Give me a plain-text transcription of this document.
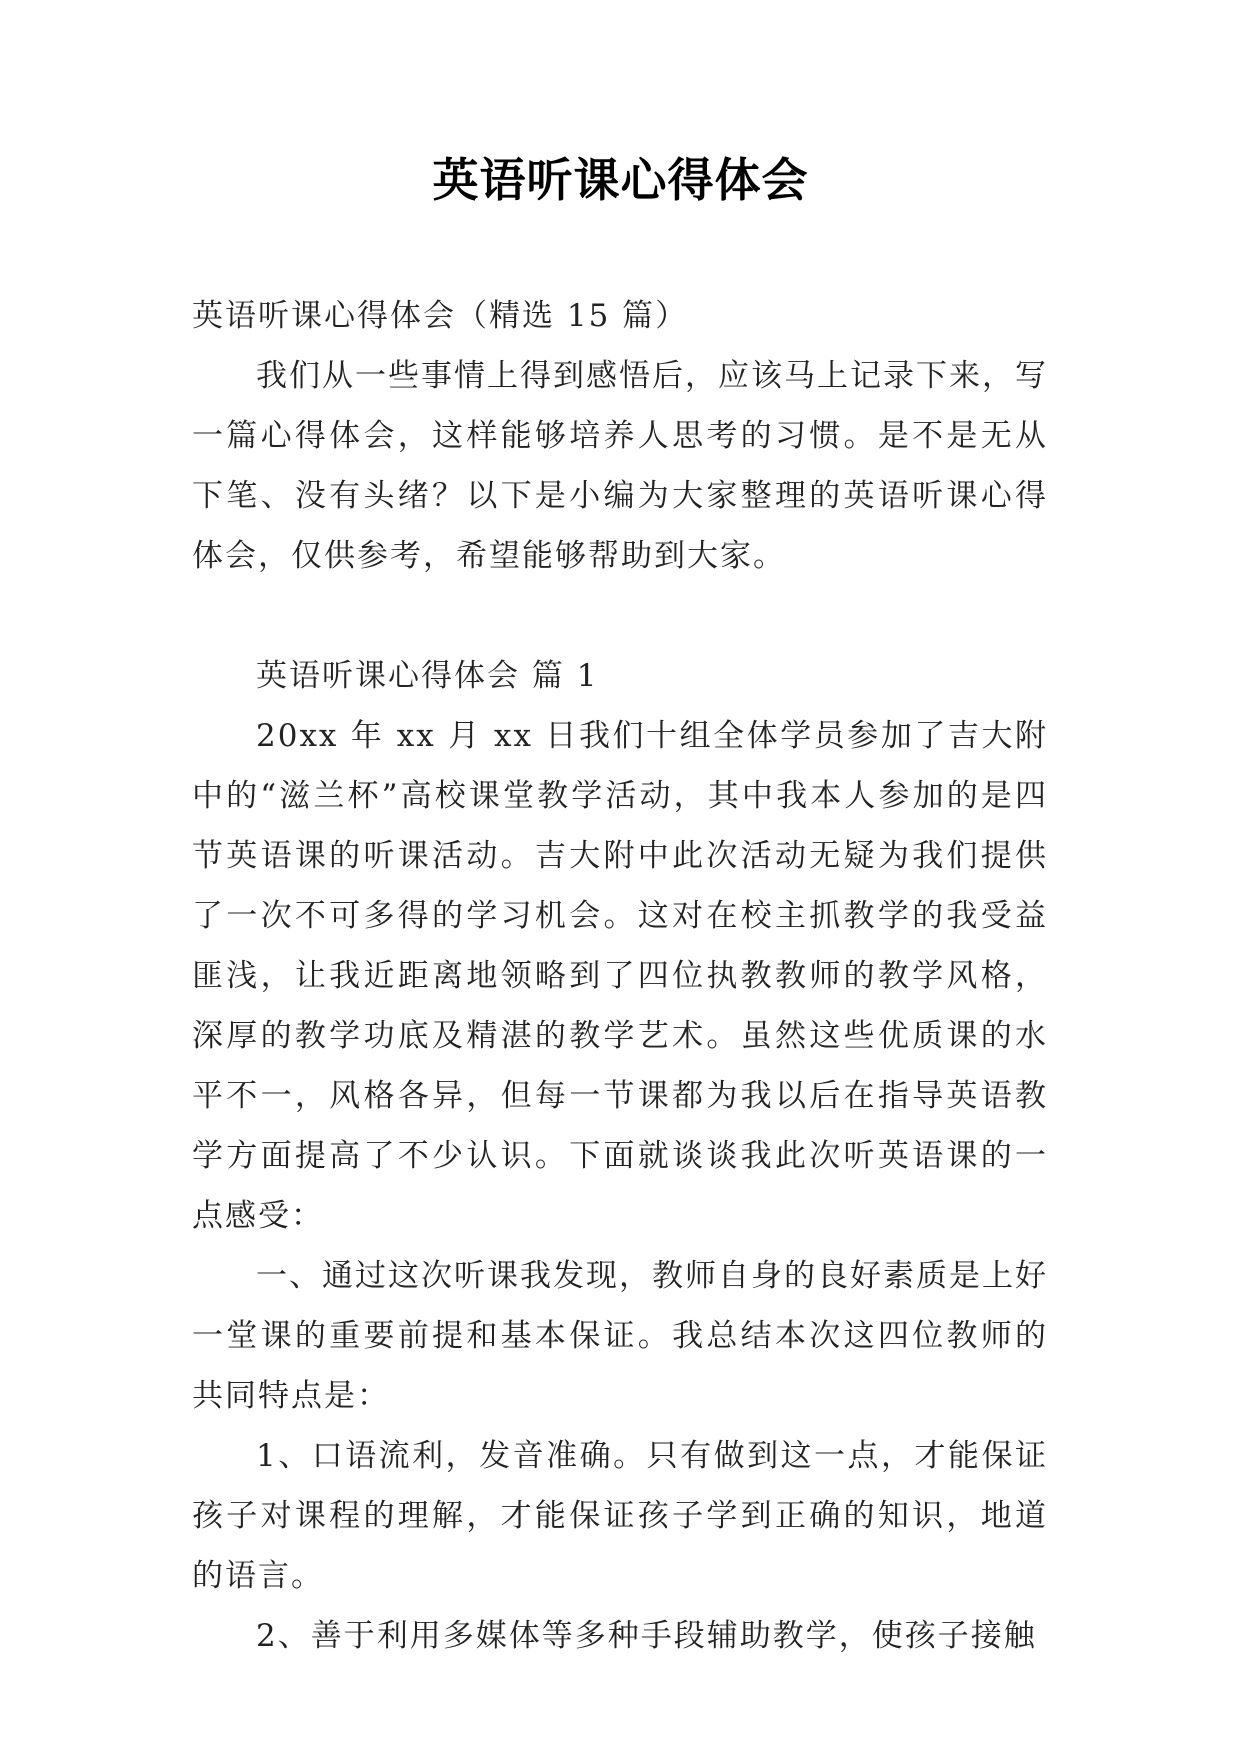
英语听课心得体会

英语听课心得体会（精选 15 篇）

我们从一些事情上得到感悟后，应该马上记录下来，写一篇心得体会，这样能够培养人思考的习惯。是不是无从下笔、没有头绪？以下是小编为大家整理的英语听课心得体会，仅供参考，希望能够帮助到大家。

英语听课心得体会 篇 1

20xx 年 xx 月 xx 日我们十组全体学员参加了吉大附中的“滋兰杯”高校课堂教学活动，其中我本人参加的是四节英语课的听课活动。吉大附中此次活动无疑为我们提供了一次不可多得的学习机会。这对在校主抓教学的我受益匪浅，让我近距离地领略到了四位执教教师的教学风格，深厚的教学功底及精湛的教学艺术。虽然这些优质课的水平不一，风格各异，但每一节课都为我以后在指导英语教学方面提高了不少认识。下面就谈谈我此次听英语课的一点感受：

一、通过这次听课我发现，教师自身的良好素质是上好一堂课的重要前提和基本保证。我总结本次这四位教师的共同特点是：

1、口语流利，发音准确。只有做到这一点，才能保证孩子对课程的理解，才能保证孩子学到正确的知识，地道的语言。

2、善于利用多媒体等多种手段辅助教学，使孩子接触
